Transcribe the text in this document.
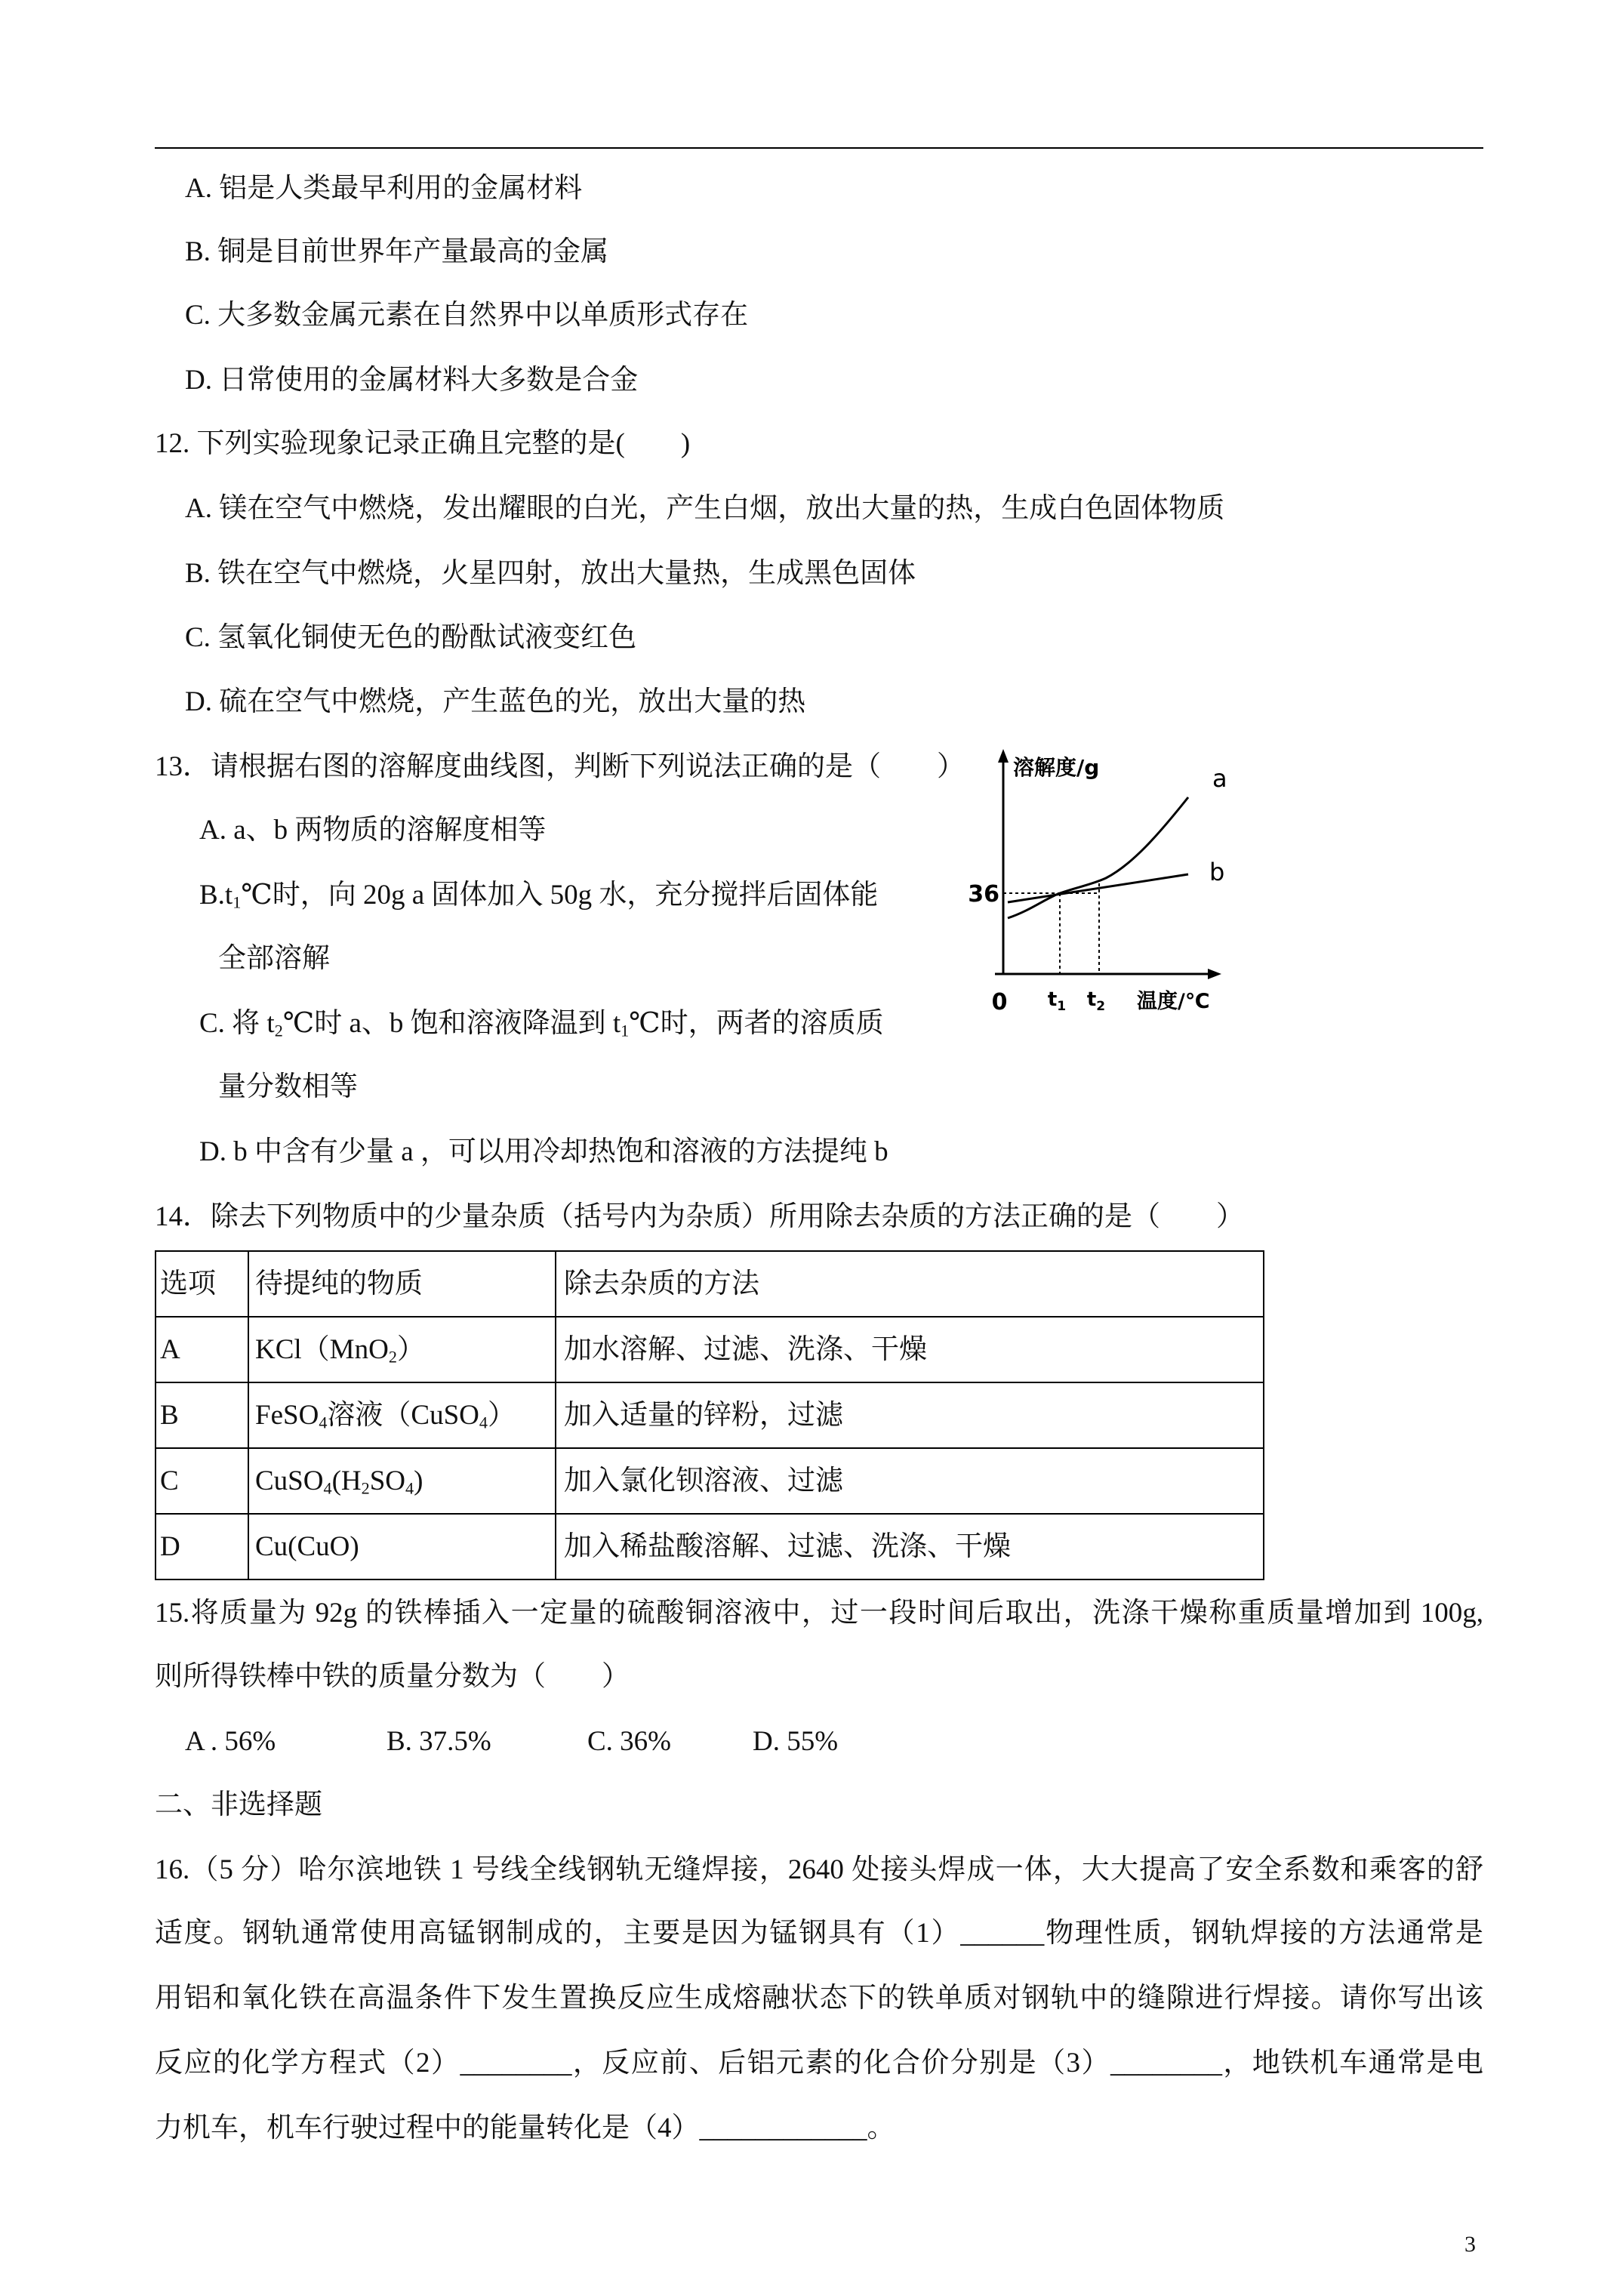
A. 铝是人类最早利用的金属材料
B. 铜是目前世界年产量最高的金属
C. 大多数金属元素在自然界中以单质形式存在
D. 日常使用的金属材料大多数是合金
12. 下列实验现象记录正确且完整的是(　　)
A. 镁在空气中燃烧，发出耀眼的白光，产生白烟，放出大量的热，生成白色固体物质
B. 铁在空气中燃烧，火星四射，放出大量热，生成黑色固体
C. 氢氧化铜使无色的酚酞试液变红色
D. 硫在空气中燃烧，产生蓝色的光，放出大量的热
13．请根据右图的溶解度曲线图，判断下列说法正确的是（　　）
A. a、b 两物质的溶解度相等
$B.t_1℃$时，向 20g a 固体加入 50g 水，充分搅拌后固体能
全部溶解
C. 将 $t_2℃$时 a、b 饱和溶液降温到 $t_1℃$时，两者的溶质质
量分数相等
D. b 中含有少量 a ，可以用冷却热饱和溶液的方法提纯 b
溶解度/g	a
b
36
0 $t_1$ $t_2$ 温度/℃
14．除去下列物质中的少量杂质（括号内为杂质）所用除去杂质的方法正确的是（　　）
选项	待提纯的物质	除去杂质的方法
A	KCl（MnO$_2$）	加水溶解、过滤、洗涤、干燥
B	FeSO$_4$溶液（CuSO$_4$）	加入适量的锌粉，过滤
C	$CuSO_4(H_2SO_4)$	加入氯化钡溶液、过滤
D	Cu(CuO)	加入稀盐酸溶解、过滤、洗涤、干燥
15.将质量为 92g 的铁棒插入一定量的硫酸铜溶液中，过一段时间后取出，洗涤干燥称重质量增加到 100g,
则所得铁棒中铁的质量分数为（　　）
A . 56%	B. 37.5%	C. 36%	D. 55%
二、非选择题
16.（5 分）哈尔滨地铁 1 号线全线钢轨无缝焊接，2640 处接头焊成一体，大大提高了安全系数和乘客的舒
适度。钢轨通常使用高锰钢制成的，主要是因为锰钢具有（1）______物理性质，钢轨焊接的方法通常是
用铝和氧化铁在高温条件下发生置换反应生成熔融状态下的铁单质对钢轨中的缝隙进行焊接。请你写出该
反应的化学方程式（2）________，反应前、后铝元素的化合价分别是（3）________，地铁机车通常是电
力机车，机车行驶过程中的能量转化是（4）____________。
3
